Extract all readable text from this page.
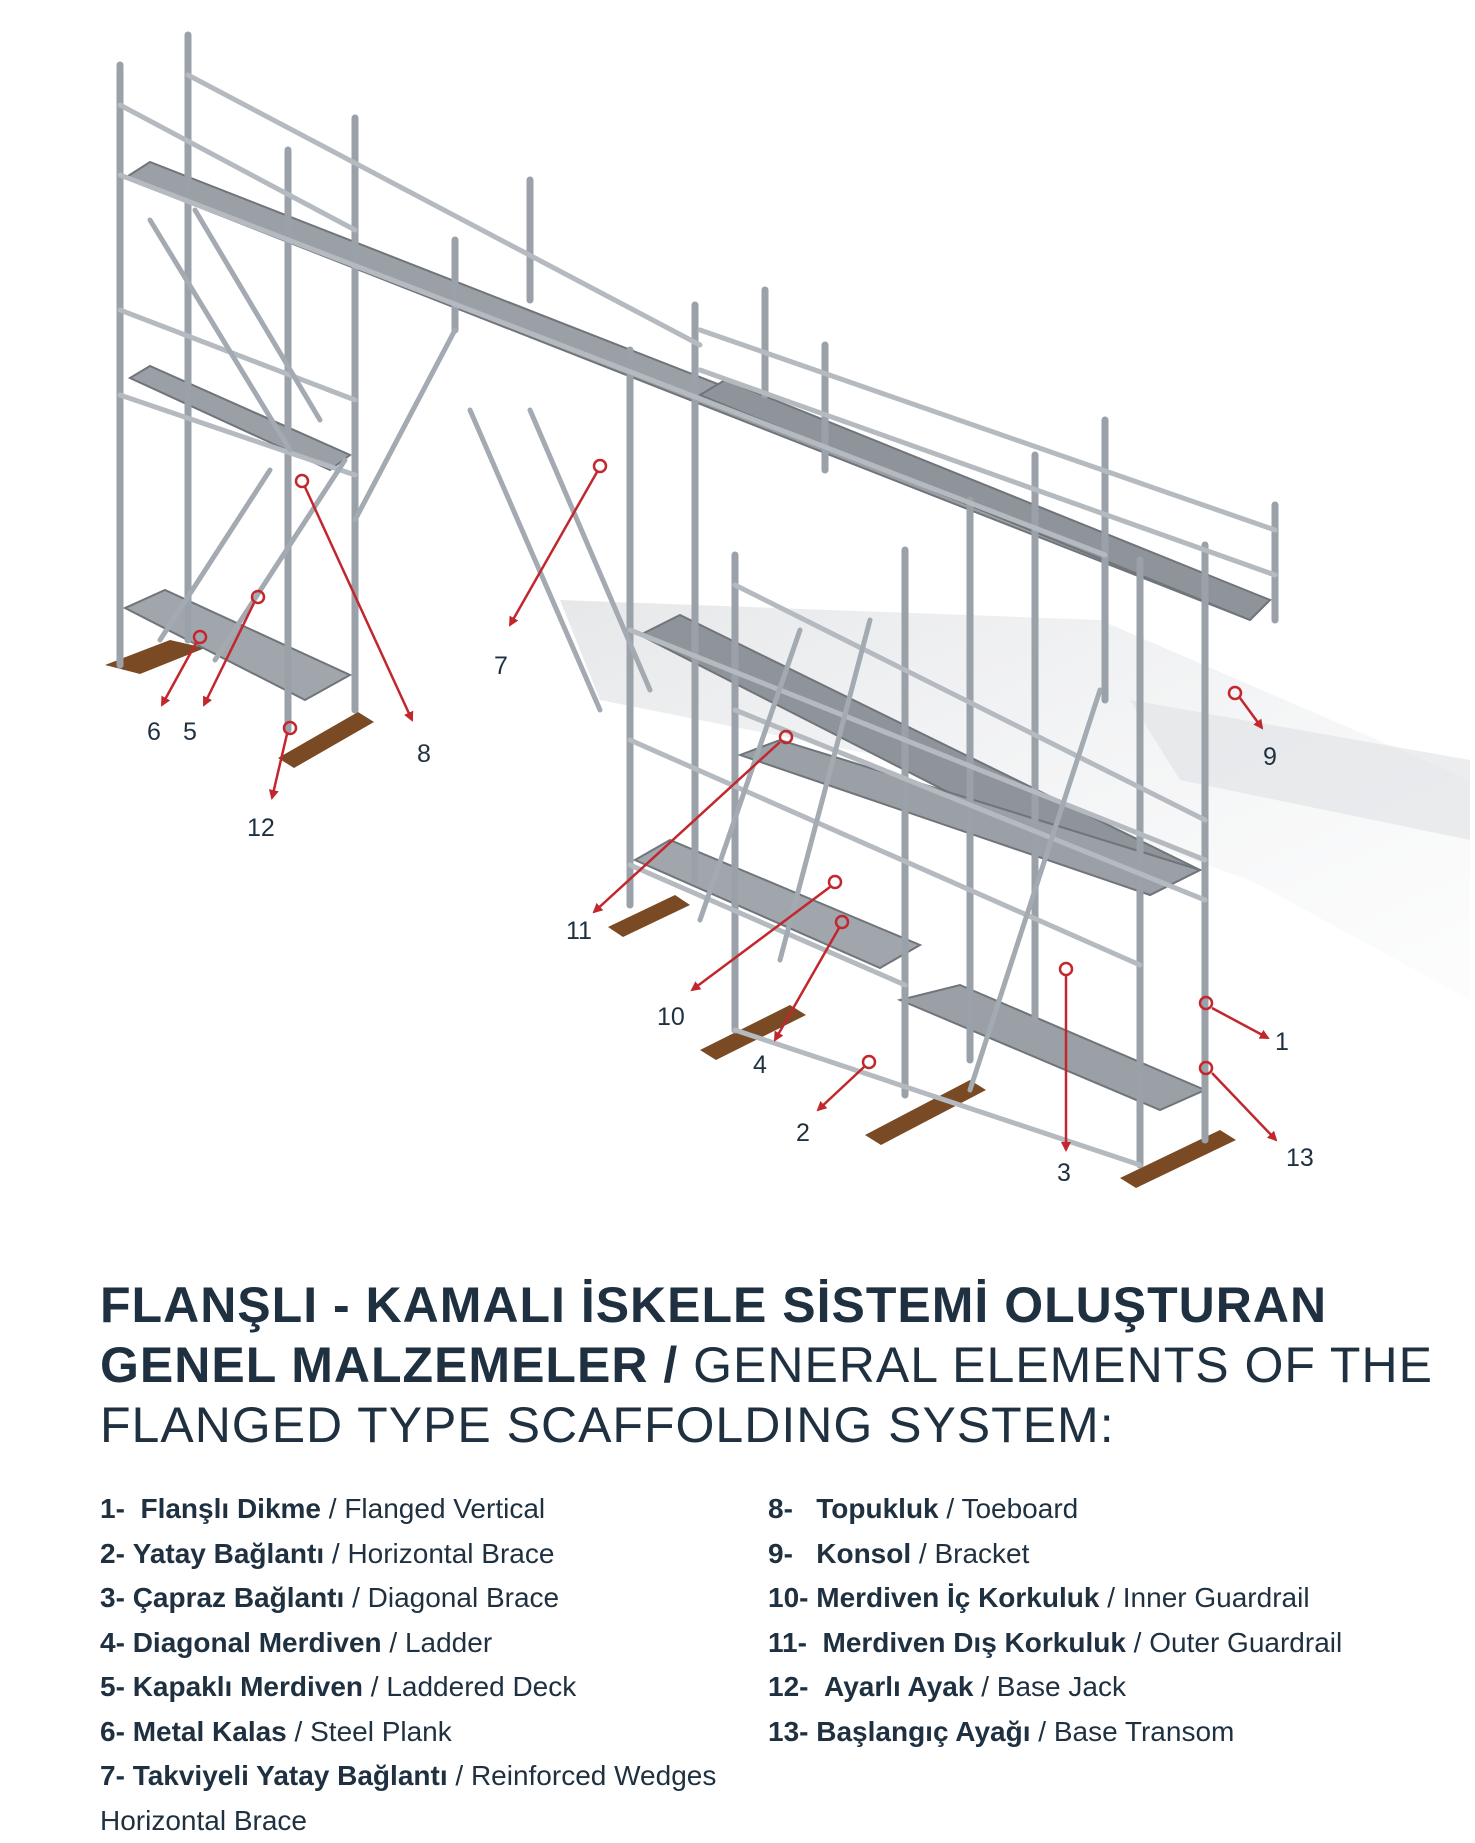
1
2
3
4
5
6
7
8	9
10
11
12
13
FLANŞLI - KAMALI İSKELE SİSTEMİ OLUŞTURAN
GENEL MALZEMELER / GENERAL ELEMENTS OF THE
FLANGED TYPE SCAFFOLDING SYSTEM:
1- Flanşlı Dikme / Flanged Vertical
2- Yatay Bağlantı / Horizontal Brace
3- Çapraz Bağlantı / Diagonal Brace
4- Diagonal Merdiven / Ladder
5- Kapaklı Merdiven / Laddered Deck
6- Metal Kalas / Steel Plank
7- Takviyeli Yatay Bağlantı / Reinforced Wedges Horizontal Brace
8- Topukluk / Toeboard
9- Konsol / Bracket
10- Merdiven İç Korkuluk / Inner Guardrail
11- Merdiven Dış Korkuluk / Outer Guardrail
12- Ayarlı Ayak / Base Jack
13- Başlangıç Ayağı / Base Transom
